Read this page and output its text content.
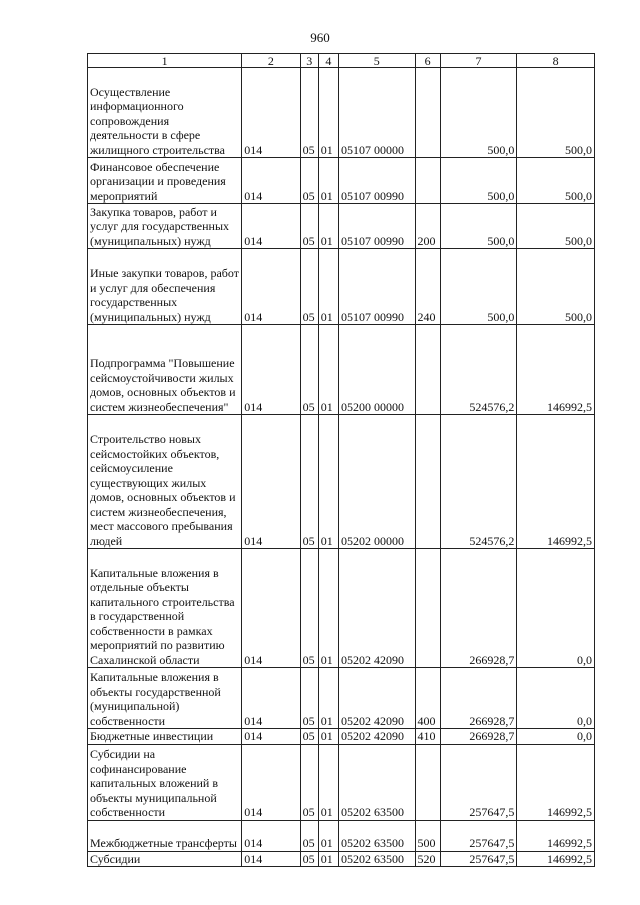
960
1	2	3	4	5	6	7	8
Осуществление информационного сопровождения деятельности в сфере жилищного строительства	014	05	01	05107 00000		500,0	500,0
Финансовое обеспечение организации и проведения мероприятий	014	05	01	05107 00990		500,0	500,0
Закупка товаров, работ и услуг для государственных (муниципальных) нужд	014	05	01	05107 00990	200	500,0	500,0
Иные закупки товаров, работ и услуг для обеспечения государственных (муниципальных) нужд	014	05	01	05107 00990	240	500,0	500,0
Подпрограмма "Повышение сейсмоустойчивости жилых домов, основных объектов и систем жизнеобеспечения"	014	05	01	05200 00000		524576,2	146992,5
Строительство новых сейсмостойких объектов, сейсмоусиление существующих жилых домов, основных объектов и систем жизнеобеспечения, мест массового пребывания людей	014	05	01	05202 00000		524576,2	146992,5
Капитальные вложения в отдельные объекты капитального строительства в государственной собственности в рамках мероприятий по развитию Сахалинской области	014	05	01	05202 42090		266928,7	0,0
Капитальные вложения в объекты государственной (муниципальной) собственности	014	05	01	05202 42090	400	266928,7	0,0
Бюджетные инвестиции	014	05	01	05202 42090	410	266928,7	0,0
Субсидии на софинансирование капитальных вложений в объекты муниципальной собственности	014	05	01	05202 63500		257647,5	146992,5
Межбюджетные трансферты	014	05	01	05202 63500	500	257647,5	146992,5
Субсидии	014	05	01	05202 63500	520	257647,5	146992,5
